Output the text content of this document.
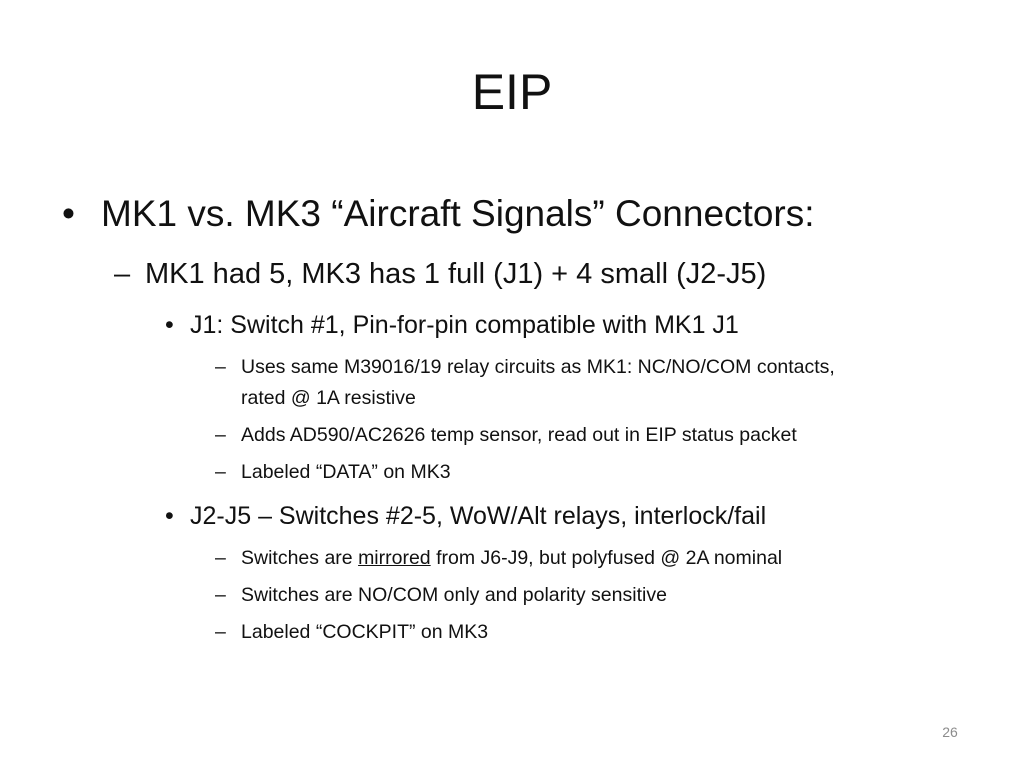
EIP
• MK1 vs. MK3 “Aircraft Signals” Connectors:
– MK1 had 5, MK3 has 1 full (J1) + 4 small (J2-J5)
• J1: Switch #1, Pin-for-pin compatible with MK1 J1
– Uses same M39016/19 relay circuits as MK1: NC/NO/COM contacts,
rated @ 1A resistive
– Adds AD590/AC2626 temp sensor, read out in EIP status packet
– Labeled “DATA” on MK3
• J2-J5 – Switches #2-5, WoW/Alt relays, interlock/fail
– Switches are mirrored from J6-J9, but polyfused @ 2A nominal
– Switches are NO/COM only and polarity sensitive
– Labeled “COCKPIT” on MK3
26
